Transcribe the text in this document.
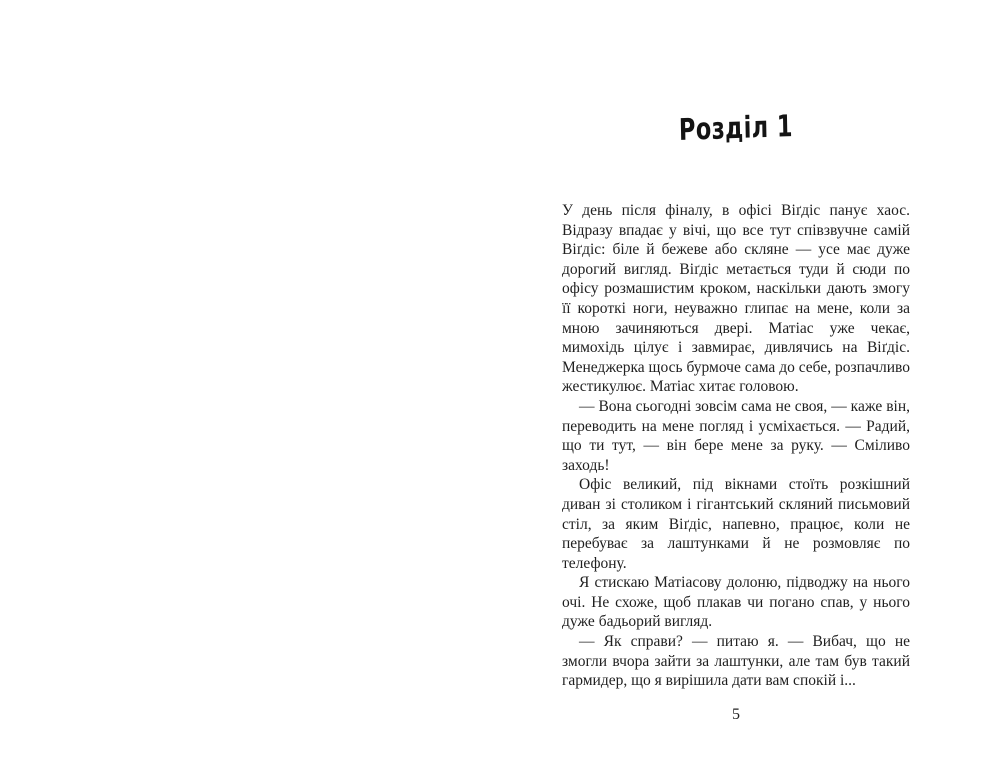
Розділ 1

У день після фіналу, в офісі Віґдіс панує хаос. Відразу впадає у вічі, що все тут співзвучне самій Віґдіс: біле й бежеве або скляне — усе має дуже дорогий вигляд. Віґдіс метається туди й сюди по офісу розмашистим кроком, наскільки дають змогу її короткі ноги, неуважно глипає на мене, коли за мною зачиняються двері. Матіас уже чекає, мимохідь цілує і завмирає, дивлячись на Віґдіс. Менеджерка щось бурмоче сама до себе, розпачливо жестикулює. Матіас хитає головою.

— Вона сьогодні зовсім сама не своя, — каже він, переводить на мене погляд і усміхається. — Радий, що ти тут, — він бере мене за руку. — Сміливо заходь!

Офіс великий, під вікнами стоїть розкішний диван зі столиком і гігантський скляний письмовий стіл, за яким Віґдіс, напевно, працює, коли не перебуває за лаштунками й не розмовляє по телефону.

Я стискаю Матіасову долоню, підводжу на нього очі. Не схоже, щоб плакав чи погано спав, у нього дуже бадьорий вигляд.

— Як справи? — питаю я. — Вибач, що не змогли вчора зайти за лаштунки, але там був такий гармидер, що я вирішила дати вам спокій і...

5
